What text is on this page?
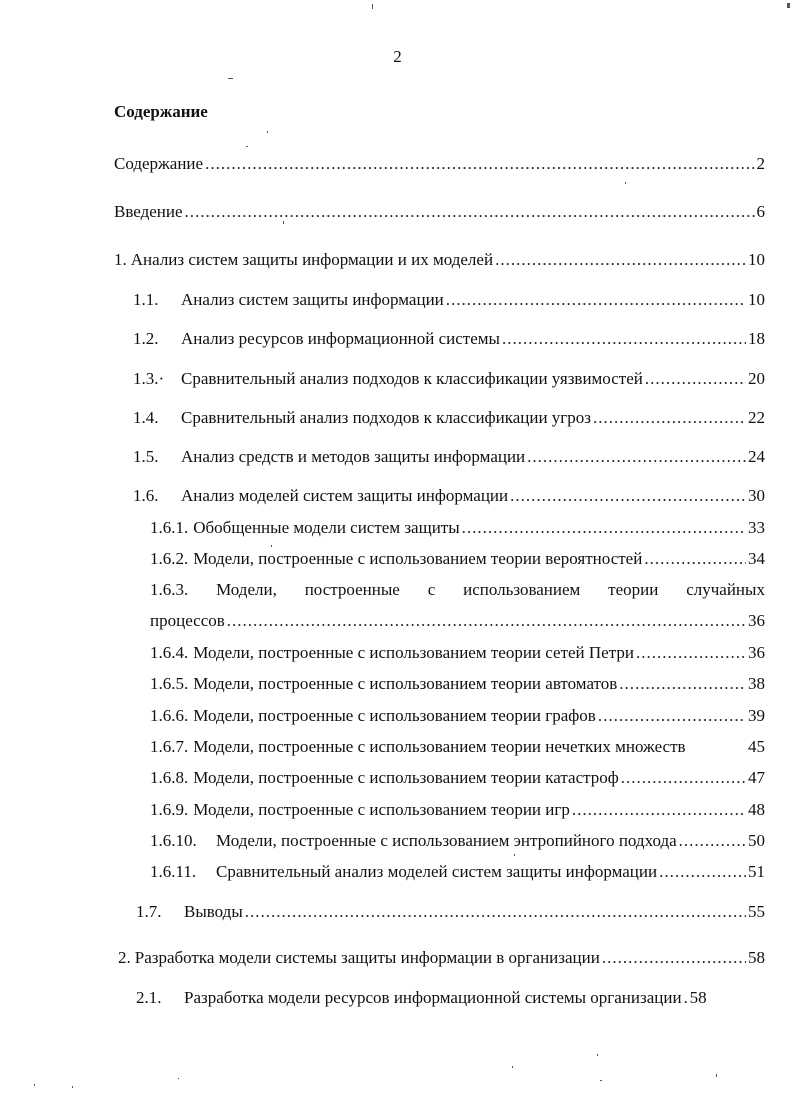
2
Содержание
Содержание .....	2
Введение .....	6
1. Анализ систем защиты информации и их моделей .....	10
1.1.	Анализ систем защиты информации .....	10
1.2.	Анализ ресурсов информационной системы .....	18
1.3.· Сравнительный анализ подходов к классификации уязвимостей .....	20
1.4.	Сравнительный анализ подходов к классификации угроз .....	22
1.5.	Анализ средств и методов защиты информации .....	24
1.6.	Анализ моделей систем защиты информации .....	30
1.6.1. Обобщенные модели систем защиты .....	33
1.6.2. Модели, построенные с использованием теории вероятностей .....	34
1.6.3. Модели, построенные с использованием теории случайных
процессов .....	36
1.6.4. Модели, построенные с использованием теории сетей Петри .....	36
1.6.5. Модели, построенные с использованием теории автоматов .....	38
1.6.6. Модели, построенные с использованием теории графов .....	39
1.6.7. Модели, построенные с использованием теории нечетких множеств	45
1.6.8. Модели, построенные с использованием теории катастроф .....	47
1.6.9. Модели, построенные с использованием теории игр .....	48
1.6.10.	Модели, построенные с использованием энтропийного подхода .....	50
1.6.11.	Сравнительный анализ моделей систем защиты информации .....	51
1.7.	Выводы .....	55
2. Разработка модели системы защиты информации в организации .....	58
2.1.	Разработка модели ресурсов информационной системы организации ..... 58
